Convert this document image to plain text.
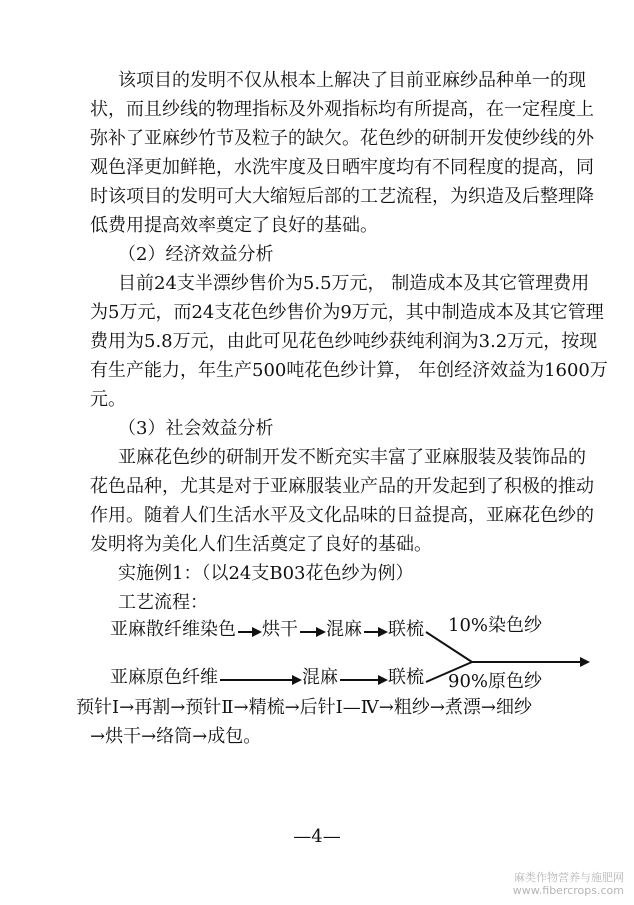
该项目的发明不仅从根本上解决了目前亚麻纱品种单一的现
状，而且纱线的物理指标及外观指标均有所提高，在一定程度上
弥补了亚麻纱竹节及粒子的缺欠。花色纱的研制开发使纱线的外
观色泽更加鲜艳，水洗牢度及日晒牢度均有不同程度的提高，同
时该项目的发明可大大缩短后部的工艺流程，为织造及后整理降
低费用提高效率奠定了良好的基础。
（2）经济效益分析
目前24支半漂纱售价为5.5万元， 制造成本及其它管理费用
为5万元，而24支花色纱售价为9万元，其中制造成本及其它管理
费用为5.8万元，由此可见花色纱吨纱获纯利润为3.2万元，按现
有生产能力，年生产500吨花色纱计算， 年创经济效益为1600万
元。
（3）社会效益分析
亚麻花色纱的研制开发不断充实丰富了亚麻服装及装饰品的
花色品种，尤其是对于亚麻服装业产品的开发起到了积极的推动
作用。随着人们生活水平及文化品味的日益提高，亚麻花色纱的
发明将为美化人们生活奠定了良好的基础。
实施例1：（以24支B03花色纱为例）
工艺流程：
亚麻散纤维染色 烘干 混麻 联梳 10%染色纱
亚麻原色纤维	混麻	联梳 90%原色纱
预针Ⅰ→再割→预针Ⅱ→精梳→后针Ⅰ—Ⅳ→粗纱→煮漂→细纱
→烘干→络筒→成包。
—4—
麻类作物营养与施肥网
www.fibercrops.com
